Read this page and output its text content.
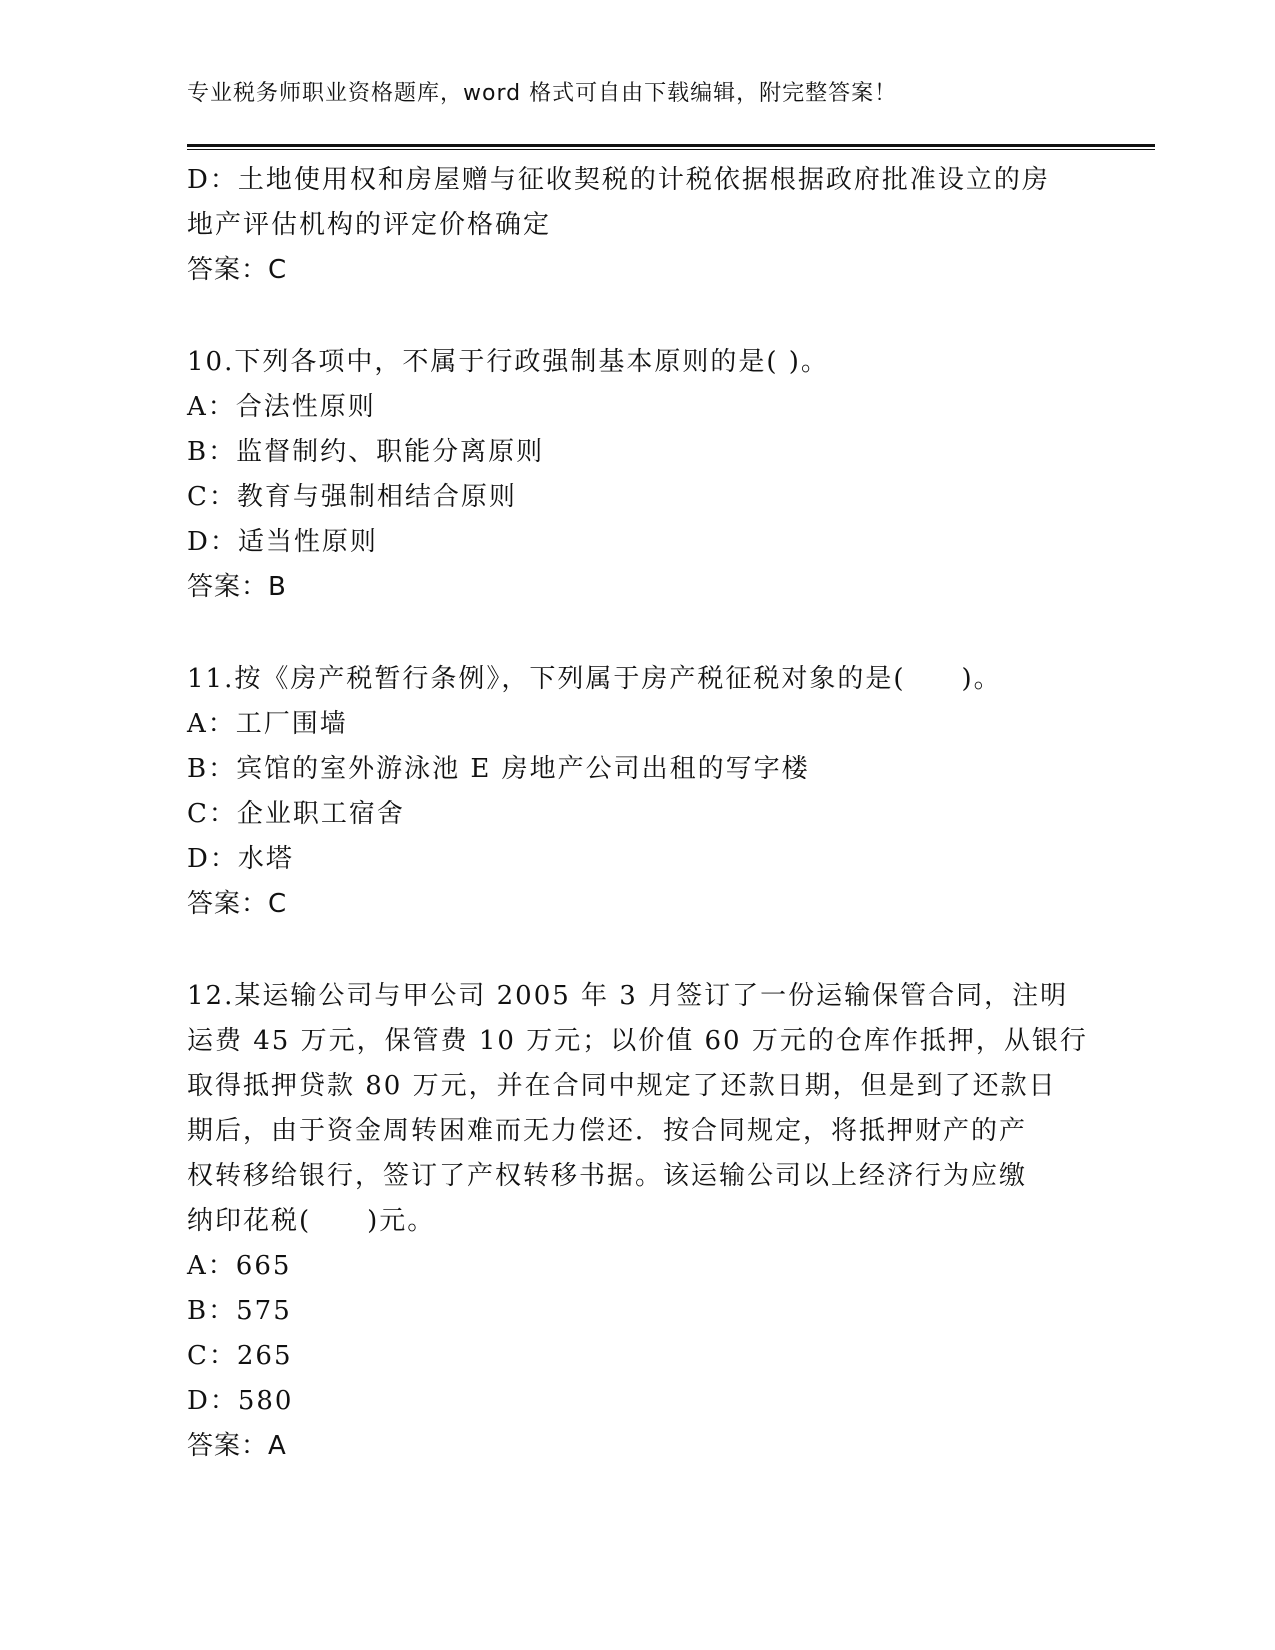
专业税务师职业资格题库，word 格式可自由下载编辑，附完整答案！
D：土地使用权和房屋赠与征收契税的计税依据根据政府批准设立的房
地产评估机构的评定价格确定
答案：C
10.下列各项中，不属于行政强制基本原则的是( )。
A：合法性原则
B：监督制约、职能分离原则
C：教育与强制相结合原则
D：适当性原则
答案：B
11.按《房产税暂行条例》，下列属于房产税征税对象的是(　　)。
A：工厂围墙
B：宾馆的室外游泳池 E 房地产公司出租的写字楼
C：企业职工宿舍
D：水塔
答案：C
12.某运输公司与甲公司 2005 年 3 月签订了一份运输保管合同，注明
运费 45 万元，保管费 10 万元；以价值 60 万元的仓库作抵押，从银行
取得抵押贷款 80 万元，并在合同中规定了还款日期，但是到了还款日
期后，由于资金周转困难而无力偿还．按合同规定，将抵押财产的产
权转移给银行，签订了产权转移书据。该运输公司以上经济行为应缴
纳印花税(　　)元。
A：665
B：575
C：265
D：580
答案：A
